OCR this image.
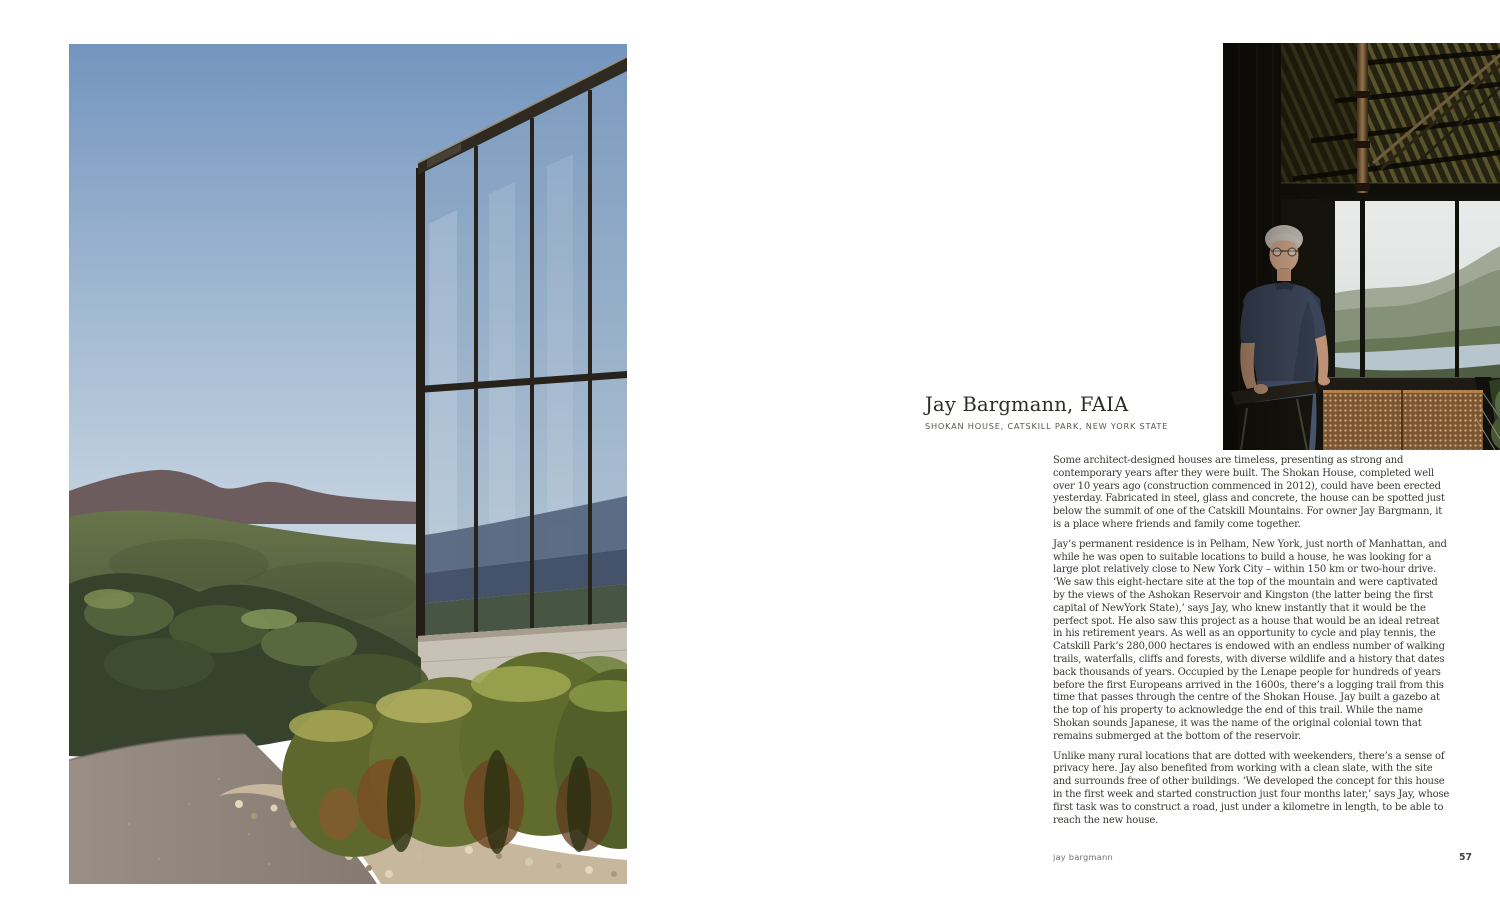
Jay Bargmann, FAIA

SHOKAN HOUSE, CATSKILL PARK, NEW YORK STATE

Some architect-designed houses are timeless, presenting as strong and contemporary years after they were built. The Shokan House, completed well over 10 years ago (construction commenced in 2012), could have been erected yesterday. Fabricated in steel, glass and concrete, the house can be spotted just below the summit of one of the Catskill Mountains. For owner Jay Bargmann, it is a place where friends and family come together.

Jay’s permanent residence is in Pelham, New York, just north of Manhattan, and while he was open to suitable locations to build a house, he was looking for a large plot relatively close to New York City – within 150 km or two-hour drive. ‘We saw this eight-hectare site at the top of the mountain and were captivated by the views of the Ashokan Reservoir and Kingston (the latter being the first capital of NewYork State),’ says Jay, who knew instantly that it would be the perfect spot. He also saw this project as a house that would be an ideal retreat in his retirement years. As well as an opportunity to cycle and play tennis, the Catskill Park’s 280,000 hectares is endowed with an endless number of walking trails, waterfalls, cliffs and forests, with diverse wildlife and a history that dates back thousands of years. Occupied by the Lenape people for hundreds of years before the first Europeans arrived in the 1600s, there’s a logging trail from this time that passes through the centre of the Shokan House. Jay built a gazebo at the top of his property to acknowledge the end of this trail. While the name Shokan sounds Japanese, it was the name of the original colonial town that remains submerged at the bottom of the reservoir.

Unlike many rural locations that are dotted with weekenders, there’s a sense of privacy here. Jay also benefited from working with a clean slate, with the site and surrounds free of other buildings. ‘We developed the concept for this house in the first week and started construction just four months later,’ says Jay, whose first task was to construct a road, just under a kilometre in length, to be able to reach the new house.

jay bargmann	57
